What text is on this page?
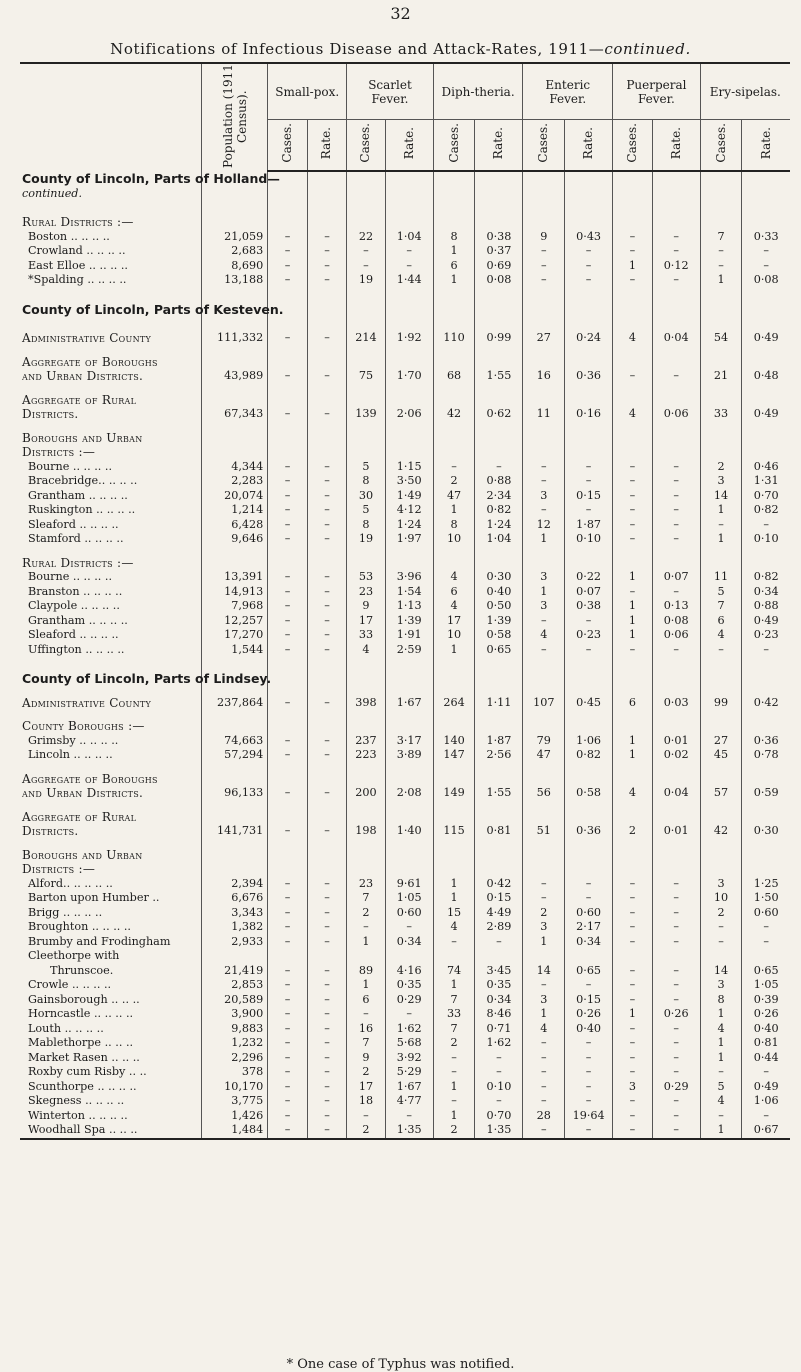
32
Notifications of Infectious Disease and Attack-Rates, 1911—continued.
	Population (1911 Census).	Small-pox.		Scarlet Fever.		Diph-theria.		Enteric Fever.		Puerperal Fever.		Ery-sipelas.	
		Cases.	Rate.	Cases.	Rate.	Cases.	Rate.	Cases.	Rate.	Cases.	Rate.	Cases.	Rate.
County of Lincoln, Parts of Holland—													
continued.													

Rural Districts :—													
Boston .. .. .. ..	21,059	–	–	22	1·04	8	0·38	9	0·43	–	–	7	0·33
Crowland .. .. .. ..	2,683	–	–	–	–	1	0·37	–	–	–	–	–	–
East Elloe .. .. .. ..	8,690	–	–	–	–	6	0·69	–	–	1	0·12	–	–
*Spalding .. .. .. ..	13,188	–	–	19	1·44	1	0·08	–	–	–	–	1	0·08

County of Lincoln, Parts of Kesteven.													

Administrative County	111,332	–	–	214	1·92	110	0·99	27	0·24	4	0·04	54	0·49

Aggregate of Boroughs
and Urban Districts.	43,989	–	–	75	1·70	68	1·55	16	0·36	–	–	21	0·48

Aggregate of Rural
Districts.	67,343	–	–	139	2·06	42	0·62	11	0·16	4	0·06	33	0·49

Boroughs and Urban
Districts :—													
Bourne .. .. .. ..	4,344	–	–	5	1·15	–	–	–	–	–	–	2	0·46
Bracebridge.. .. .. ..	2,283	–	–	8	3·50	2	0·88	–	–	–	–	3	1·31
Grantham .. .. .. ..	20,074	–	–	30	1·49	47	2·34	3	0·15	–	–	14	0·70
Ruskington .. .. .. ..	1,214	–	–	5	4·12	1	0·82	–	–	–	–	1	0·82
Sleaford .. .. .. ..	6,428	–	–	8	1·24	8	1·24	12	1·87	–	–	–	–
Stamford .. .. .. ..	9,646	–	–	19	1·97	10	1·04	1	0·10	–	–	1	0·10

Rural Districts :—													
Bourne .. .. .. ..	13,391	–	–	53	3·96	4	0·30	3	0·22	1	0·07	11	0·82
Branston .. .. .. ..	14,913	–	–	23	1·54	6	0·40	1	0·07	–	–	5	0·34
Claypole .. .. .. ..	7,968	–	–	9	1·13	4	0·50	3	0·38	1	0·13	7	0·88
Grantham .. .. .. ..	12,257	–	–	17	1·39	17	1·39	–	–	1	0·08	6	0·49
Sleaford .. .. .. ..	17,270	–	–	33	1·91	10	0·58	4	0·23	1	0·06	4	0·23
Uffington .. .. .. ..	1,544	–	–	4	2·59	1	0·65	–	–	–	–	–	–

County of Lincoln, Parts of Lindsey.													

Administrative County	237,864	–	–	398	1·67	264	1·11	107	0·45	6	0·03	99	0·42

County Boroughs :—													
Grimsby .. .. .. ..	74,663	–	–	237	3·17	140	1·87	79	1·06	1	0·01	27	0·36
Lincoln .. .. .. ..	57,294	–	–	223	3·89	147	2·56	47	0·82	1	0·02	45	0·78

Aggregate of Boroughs
and Urban Districts.	96,133	–	–	200	2·08	149	1·55	56	0·58	4	0·04	57	0·59

Aggregate of Rural
Districts.	141,731	–	–	198	1·40	115	0·81	51	0·36	2	0·01	42	0·30

Boroughs and Urban
Districts :—													
Alford.. .. .. .. ..	2,394	–	–	23	9·61	1	0·42	–	–	–	–	3	1·25
Barton upon Humber ..	6,676	–	–	7	1·05	1	0·15	–	–	–	–	10	1·50
Brigg .. .. .. ..	3,343	–	–	2	0·60	15	4·49	2	0·60	–	–	2	0·60
Broughton .. .. .. ..	1,382	–	–	–	–	4	2·89	3	2·17	–	–	–	–
Brumby and Frodingham	2,933	–	–	1	0·34	–	–	1	0·34	–	–	–	–
Cleethorpe with
Thrunscoe.	21,419	–	–	89	4·16	74	3·45	14	0·65	–	–	14	0·65
Crowle .. .. .. ..	2,853	–	–	1	0·35	1	0·35	–	–	–	–	3	1·05
Gainsborough .. .. ..	20,589	–	–	6	0·29	7	0·34	3	0·15	–	–	8	0·39
Horncastle .. .. .. ..	3,900	–	–	–	–	33	8·46	1	0·26	1	0·26	1	0·26
Louth .. .. .. ..	9,883	–	–	16	1·62	7	0·71	4	0·40	–	–	4	0·40
Mablethorpe .. .. ..	1,232	–	–	7	5·68	2	1·62	–	–	–	–	1	0·81
Market Rasen .. .. ..	2,296	–	–	9	3·92	–	–	–	–	–	–	1	0·44
Roxby cum Risby .. ..	378	–	–	2	5·29	–	–	–	–	–	–	–	–
Scunthorpe .. .. .. ..	10,170	–	–	17	1·67	1	0·10	–	–	3	0·29	5	0·49
Skegness .. .. .. ..	3,775	–	–	18	4·77	–	–	–	–	–	–	4	1·06
Winterton .. .. .. ..	1,426	–	–	–	–	1	0·70	28	19·64	–	–	–	–
Woodhall Spa .. .. ..	1,484	–	–	2	1·35	2	1·35	–	–	–	–	1	0·67
* One case of Typhus was notified.
